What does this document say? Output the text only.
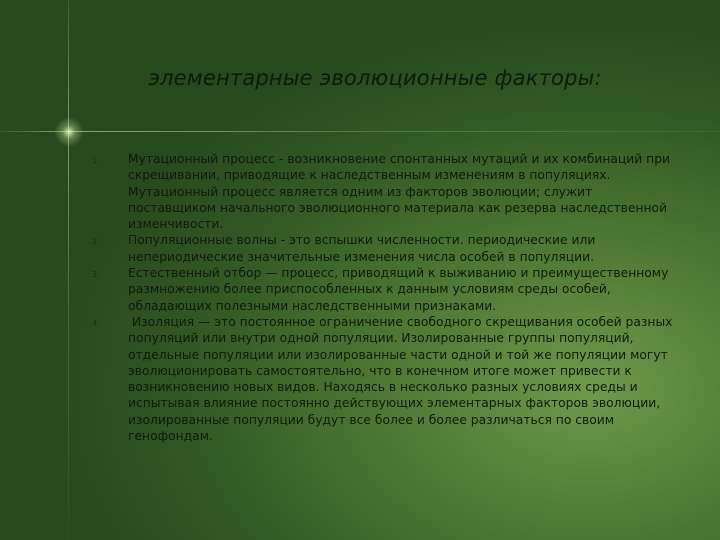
элементарные эволюционные факторы:
1. Мутационный процесс - возникновение спонтанных мутаций и их комбинаций при скрещивании, приводящие к наследственным изменениям в популяциях. Мутационный процесс является одним из факторов эволюции; служит поставщиком начального эволюционного материала как резерва наследственной изменчивости.
2. Популяционные волны - это вспышки численности. периодические или непериодические значительные изменения числа особей в популяции.
3. Естественный отбор — процесс, приводящий к выживанию и преимущественному размножению более приспособленных к данным условиям среды особей, обладающих полезными наследственными признаками.
4. Изоляция — это постоянное ограничение свободного скрещивания особей разных популяций или внутри одной популяции. Изолированные группы популяций, отдельные популяции или изолированные части одной и той же популяции могут эволюционировать самостоятельно, что в конечном итоге может привести к возникновению новых видов. Находясь в несколько разных условиях среды и испытывая влияние постоянно действующих элементарных факторов эволюции, изолированные популяции будут все более и более различаться по своим генофондам.
